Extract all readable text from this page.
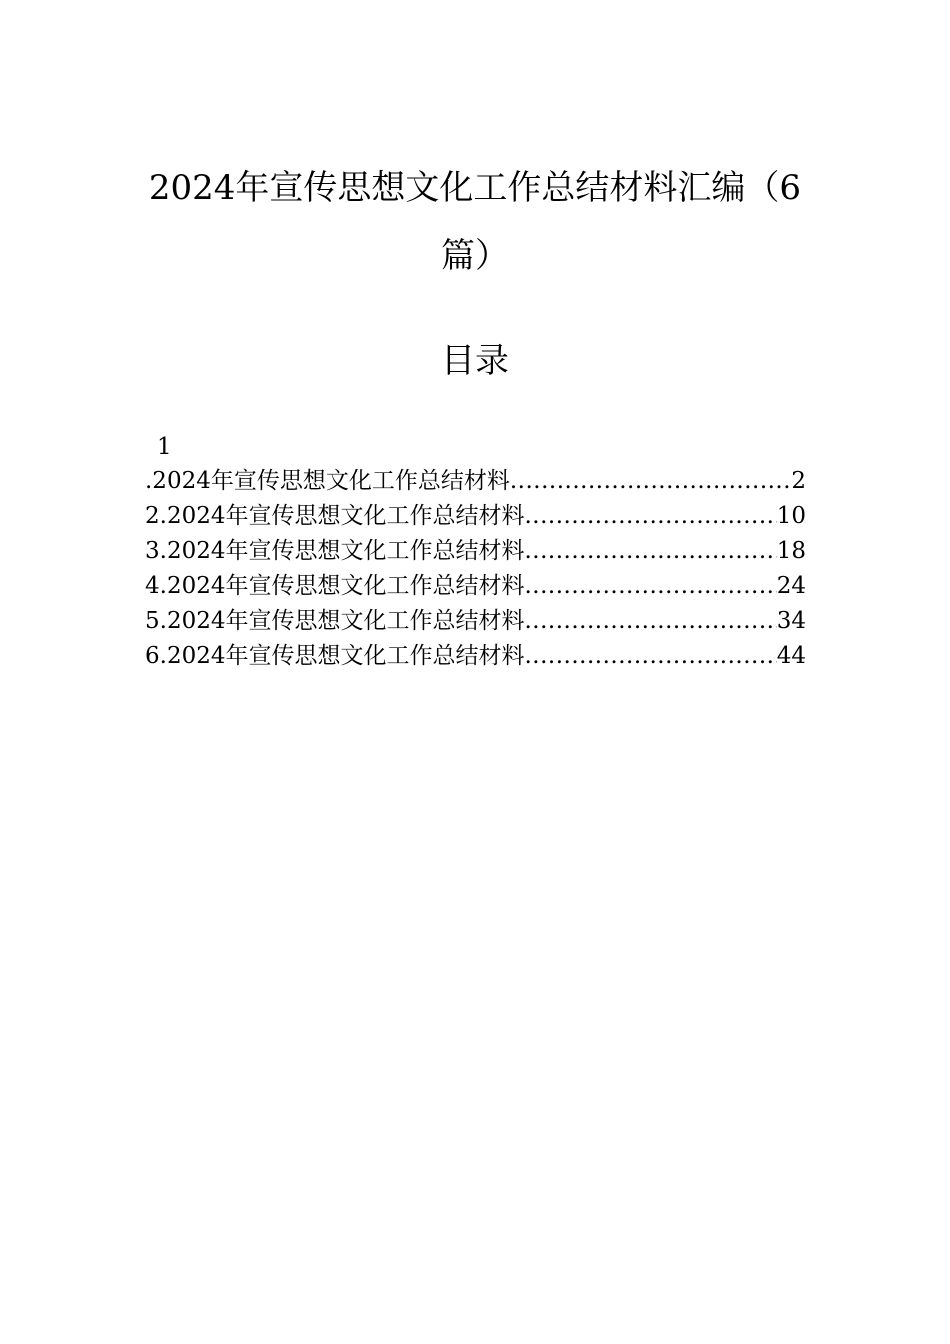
2024年宣传思想文化工作总结材料汇编（6
篇）
目录
1
.2024年宣传思想文化工作总结材料 .....	2
2.2024年宣传思想文化工作总结材料 .....	10
3.2024年宣传思想文化工作总结材料 .....	18
4.2024年宣传思想文化工作总结材料 .....	24
5.2024年宣传思想文化工作总结材料 .....	34
6.2024年宣传思想文化工作总结材料 .....	44
